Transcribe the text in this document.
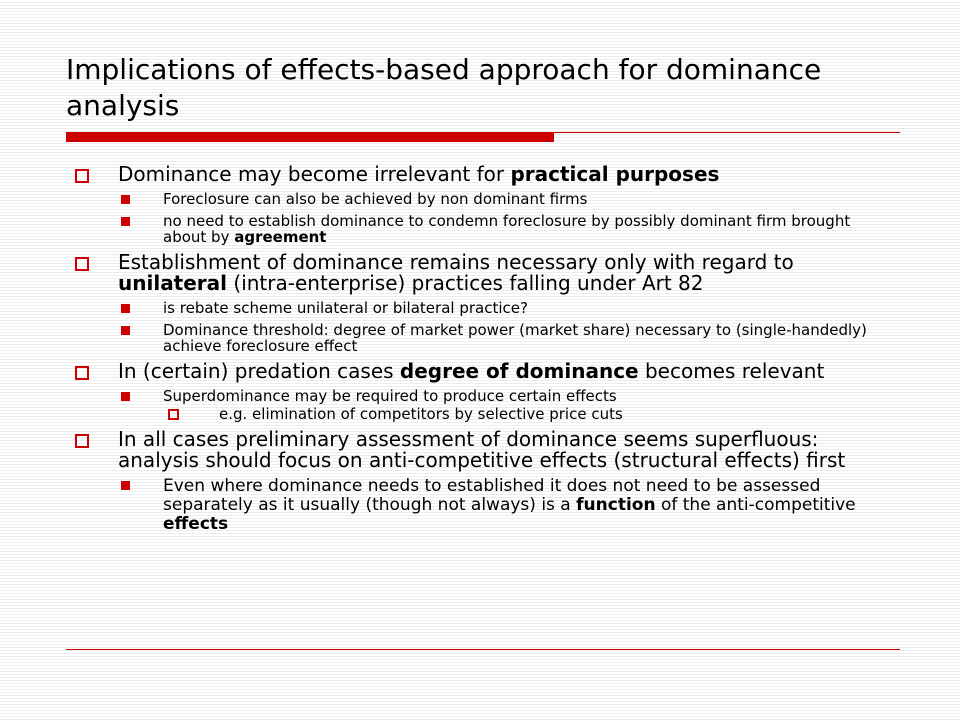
Implications of effects-based approach for dominance analysis
Dominance may become irrelevant for practical purposes
Foreclosure can also be achieved by non dominant firms
no need to establish dominance to condemn foreclosure by possibly dominant firm brought about by agreement
Establishment of dominance remains necessary only with regard to unilateral (intra-enterprise) practices falling under Art 82
is rebate scheme unilateral or bilateral practice?
Dominance threshold: degree of market power (market share) necessary to (single-handedly) achieve foreclosure effect
In (certain) predation cases degree of dominance becomes relevant
Superdominance may be required to produce certain effects
e.g. elimination of competitors by selective price cuts
In all cases preliminary assessment of dominance seems superfluous: analysis should focus on anti-competitive effects (structural effects) first
Even where dominance needs to established it does not need to be assessed separately as it usually (though not always) is a function of the anti-competitive effects
